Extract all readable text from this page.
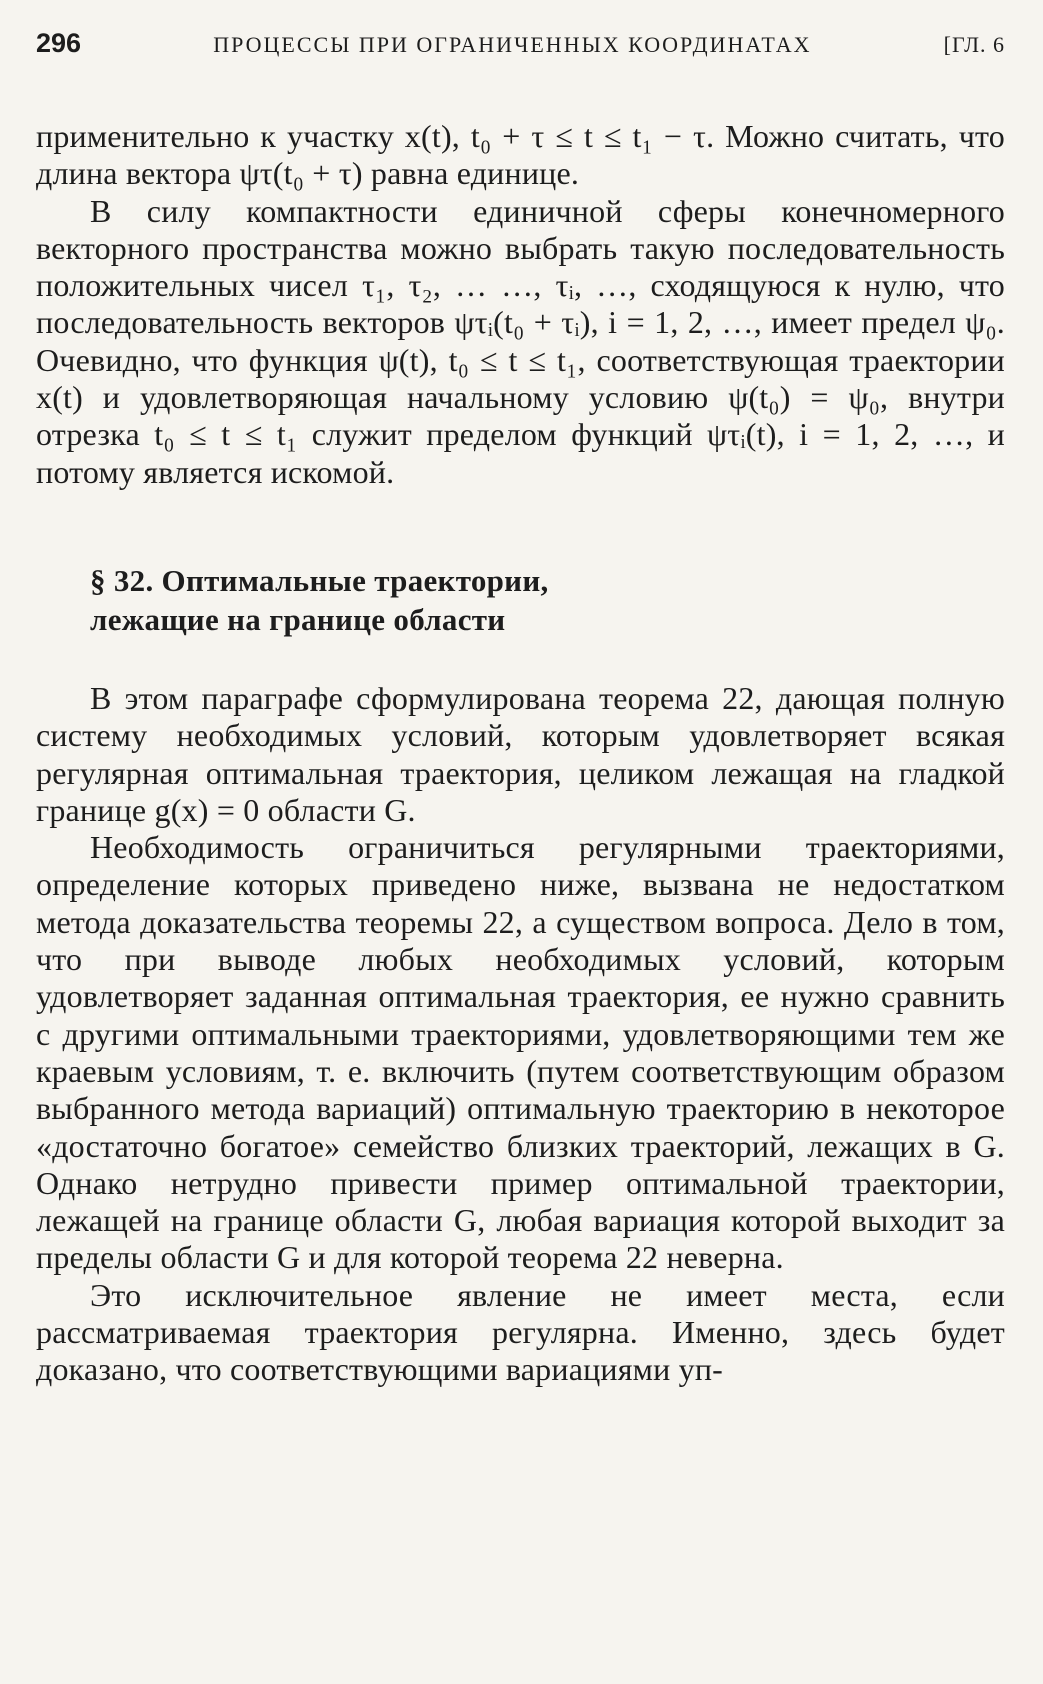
296	ПРОЦЕССЫ ПРИ ОГРАНИЧЕННЫХ КООРДИНАТАХ	[ГЛ. 6

применительно к участку x(t), t₀ + τ ≤ t ≤ t₁ − τ. Можно считать, что длина вектора ψτ(t₀ + τ) равна единице.

В силу компактности единичной сферы конечномерного векторного пространства можно выбрать такую последовательность положительных чисел τ₁, τ₂, … …, τᵢ, …, сходящуюся к нулю, что последовательность векторов ψτᵢ(t₀ + τᵢ), i = 1, 2, …, имеет предел ψ₀. Очевидно, что функция ψ(t), t₀ ≤ t ≤ t₁, соответствующая траектории x(t) и удовлетворяющая начальному условию ψ(t₀) = ψ₀, внутри отрезка t₀ ≤ t ≤ t₁ служит пределом функций ψτᵢ(t), i = 1, 2, …, и потому является искомой.

§ 32. Оптимальные траектории,
лежащие на границе области

В этом параграфе сформулирована теорема 22, дающая полную систему необходимых условий, которым удовлетворяет всякая регулярная оптимальная траектория, целиком лежащая на гладкой границе g(x) = 0 области G.

Необходимость ограничиться регулярными траекториями, определение которых приведено ниже, вызвана не недостатком метода доказательства теоремы 22, а существом вопроса. Дело в том, что при выводе любых необходимых условий, которым удовлетворяет заданная оптимальная траектория, ее нужно сравнить с другими оптимальными траекториями, удовлетворяющими тем же краевым условиям, т. е. включить (путем соответствующим образом выбранного метода вариаций) оптимальную траекторию в некоторое «достаточно богатое» семейство близких траекторий, лежащих в G. Однако нетрудно привести пример оптимальной траектории, лежащей на границе области G, любая вариация которой выходит за пределы области G и для которой теорема 22 неверна.

Это исключительное явление не имеет места, если рассматриваемая траектория регулярна. Именно, здесь будет доказано, что соответствующими вариациями уп-
